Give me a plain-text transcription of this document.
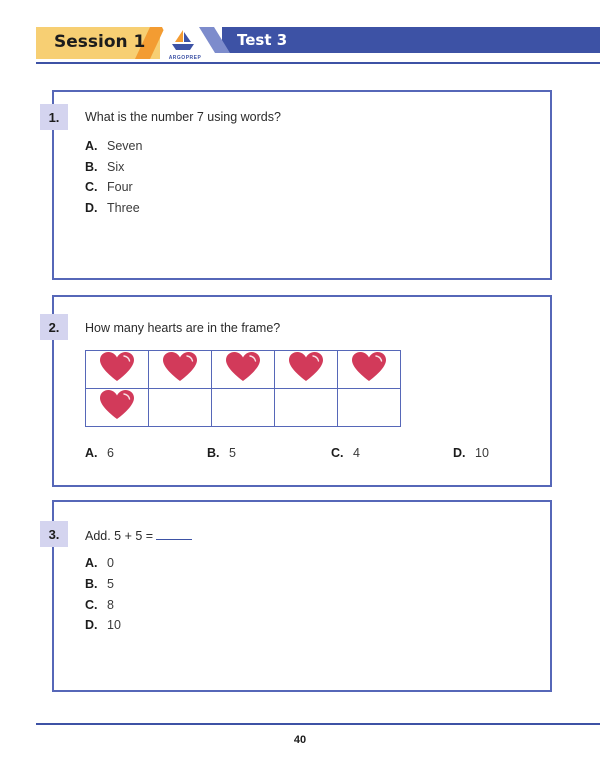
Session 1	Test 3
ARGOPREP
1.	What is the number 7 using words?
A. Seven
B. Six
C. Four
D. Three
2.	How many hearts are in the frame?

A. 6	B. 5	C. 4	D. 10
3.	Add. 5 + 5 =
A. 0
B. 5
C. 8
D. 10
40
